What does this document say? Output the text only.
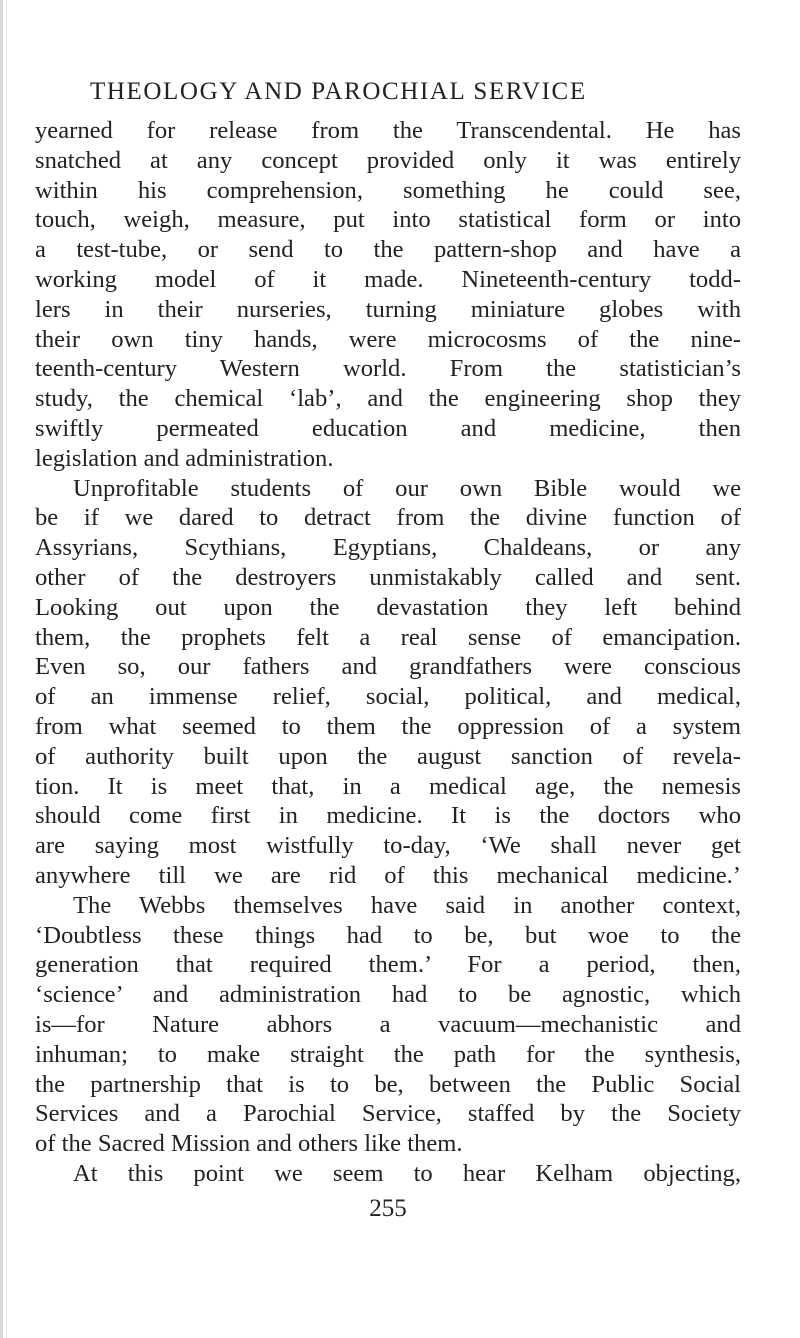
THEOLOGY AND PAROCHIAL SERVICE
yearned for release from the Transcendental. He has
snatched at any concept provided only it was entirely
within his comprehension, something he could see,
touch, weigh, measure, put into statistical form or into
a test-tube, or send to the pattern-shop and have a
working model of it made. Nineteenth-century todd-
lers in their nurseries, turning miniature globes with
their own tiny hands, were microcosms of the nine-
teenth-century Western world. From the statistician’s
study, the chemical ‘lab’, and the engineering shop they
swiftly permeated education and medicine, then
legislation and administration.
Unprofitable students of our own Bible would we
be if we dared to detract from the divine function of
Assyrians, Scythians, Egyptians, Chaldeans, or any
other of the destroyers unmistakably called and sent.
Looking out upon the devastation they left behind
them, the prophets felt a real sense of emancipation.
Even so, our fathers and grandfathers were conscious
of an immense relief, social, political, and medical,
from what seemed to them the oppression of a system
of authority built upon the august sanction of revela-
tion. It is meet that, in a medical age, the nemesis
should come first in medicine. It is the doctors who
are saying most wistfully to-day, ‘We shall never get
anywhere till we are rid of this mechanical medicine.’
The Webbs themselves have said in another context,
‘Doubtless these things had to be, but woe to the
generation that required them.’ For a period, then,
‘science’ and administration had to be agnostic, which
is—for Nature abhors a vacuum—mechanistic and
inhuman; to make straight the path for the synthesis,
the partnership that is to be, between the Public Social
Services and a Parochial Service, staffed by the Society
of the Sacred Mission and others like them.
At this point we seem to hear Kelham objecting,
255
